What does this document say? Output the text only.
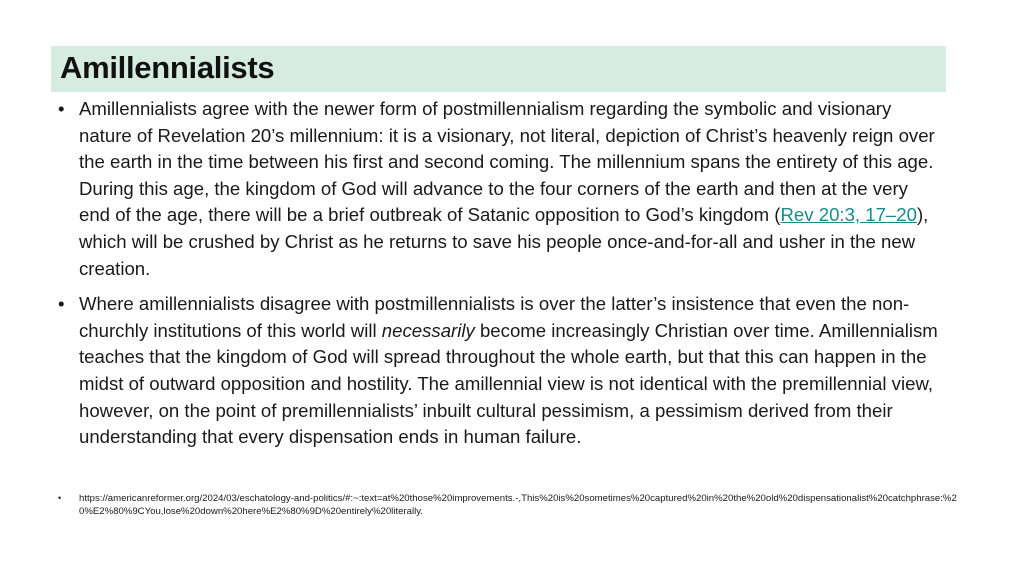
Amillennialists
• Amillennialists agree with the newer form of postmillennialism regarding the symbolic and visionary nature of Revelation 20’s millennium: it is a visionary, not literal, depiction of Christ’s heavenly reign over the earth in the time between his first and second coming. The millennium spans the entirety of this age. During this age, the kingdom of God will advance to the four corners of the earth and then at the very end of the age, there will be a brief outbreak of Satanic opposition to God’s kingdom (Rev 20:3, 17–20), which will be crushed by Christ as he returns to save his people once-and-for-all and usher in the new creation.
• Where amillennialists disagree with postmillennialists is over the latter’s insistence that even the non-churchly institutions of this world will necessarily become increasingly Christian over time. Amillennialism teaches that the kingdom of God will spread throughout the whole earth, but that this can happen in the midst of outward opposition and hostility. The amillennial view is not identical with the premillennial view, however, on the point of premillennialists’ inbuilt cultural pessimism, a pessimism derived from their understanding that every dispensation ends in human failure.
•	https://americanreformer.org/2024/03/eschatology-and-politics/#:~:text=at%20those%20improvements.-,This%20is%20sometimes%20captured%20in%20the%20old%20dispensationalist%20catchphrase:%20%E2%80%9CYou,lose%20down%20here%E2%80%9D%20entirely%20literally.
